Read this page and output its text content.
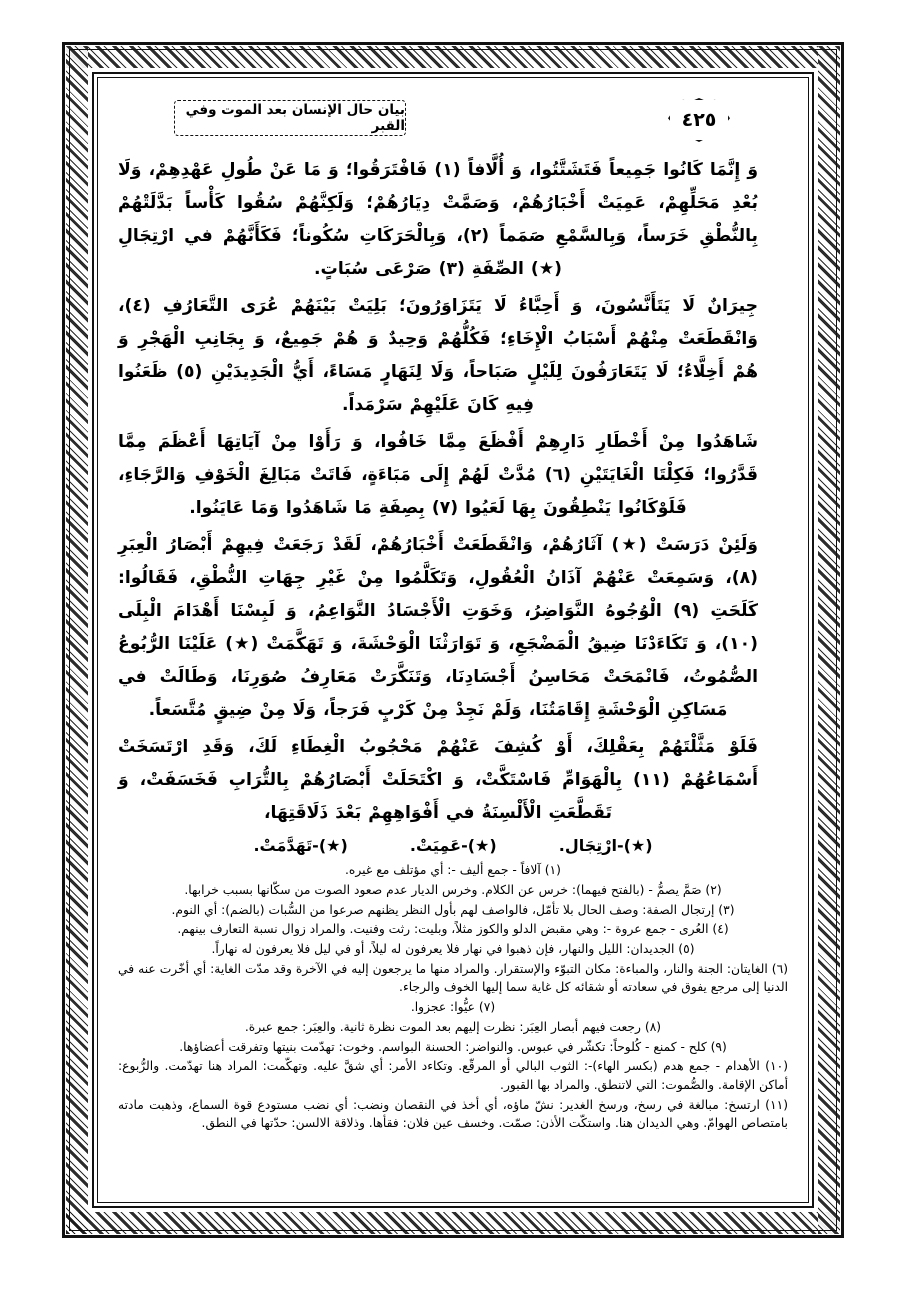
٤٢٥
بيان حال الإنسان بعد الموت وفي القبر

وَ إِنَّمَا كَانُوا جَمِيعاً فَتَشَتَّتُوا، وَ أُلَّافاً (١) فَافْتَرَقُوا؛ وَ مَا عَنْ طُولِ عَهْدِهِمْ، وَلَا بُعْدِ مَحَلِّهِمْ، عَمِيَتْ أَخْبَارُهُمْ، وَصَمَّتْ دِيَارُهُمْ؛ وَلَكِنَّهُمْ سُقُوا كَأْساً بَدَّلَتْهُمْ بِالنُّطْقِ خَرَساً، وَبِالسَّمْعِ صَمَماً (٢)، وَبِالْحَرَكَاتِ سُكُوناً؛ فَكَأَنَّهُمْ في ارْتِجَالِ (★) الصِّفَةِ (٣) صَرْعَى سُبَاتٍ.

جِيرَانٌ لَا يَتَأَنَّسُونَ، وَ أَحِبَّاءُ لَا يَتَزَاوَرُونَ؛ بَلِيَتْ بَيْنَهُمْ عُرَى التَّعَارُفِ (٤)، وَانْقَطَعَتْ مِنْهُمْ أَسْبَابُ الْإِخَاءِ؛ فَكُلُّهُمْ وَحِيدٌ وَ هُمْ جَمِيعٌ، وَ بِجَانِبِ الْهَجْرِ وَ هُمْ أَخِلَّاءُ؛ لَا يَتَعَارَفُونَ لِلَيْلٍ صَبَاحاً، وَلَا لِنَهَارٍ مَسَاءً، أَيُّ الْجَدِيدَيْنِ (٥) ظَعَنُوا فِيهِ كَانَ عَلَيْهِمْ سَرْمَداً.

شَاهَدُوا مِنْ أَخْطَارِ دَارِهِمْ أَفْظَعَ مِمَّا خَافُوا، وَ رَأَوْا مِنْ آيَاتِهَا أَعْظَمَ مِمَّا قَدَّرُوا؛ فَكِلْتَا الْغَايَتَيْنِ (٦) مُدَّتْ لَهُمْ إِلَى مَبَاءَةٍ، فَاتَتْ مَبَالِغَ الْخَوْفِ وَالرَّجَاءِ، فَلَوْكَانُوا يَنْطِقُونَ بِهَا لَعَيُوا (٧) بِصِفَةِ مَا شَاهَدُوا وَمَا عَايَنُوا.

وَلَئِنْ دَرَسَتْ (★) آثَارُهُمْ، وَانْقَطَعَتْ أَخْبَارُهُمْ، لَقَدْ رَجَعَتْ فِيهِمْ أَبْصَارُ الْعِبَرِ (٨)، وَسَمِعَتْ عَنْهُمْ آذَانُ الْعُقُولِ، وَتَكَلَّمُوا مِنْ غَيْرِ جِهَاتِ النُّطْقِ، فَقَالُوا: كَلَحَتِ (٩) الْوُجُوهُ النَّوَاضِرُ، وَخَوَتِ الْأَجْسَادُ النَّوَاعِمُ، وَ لَبِسْنَا أَهْدَامَ الْبِلَى (١٠)، وَ تَكَاءَدْنَا ضِيقُ الْمَضْجَعِ، وَ تَوَارَثْنَا الْوَحْشَةَ، وَ تَهَكَّمَتْ (★) عَلَيْنَا الرُّبُوعُ الصُّمُوتُ، فَانْمَحَتْ مَحَاسِنُ أَجْسَادِنَا، وَتَنَكَّرَتْ مَعَارِفُ صُوَرِنَا، وَطَالَتْ في مَسَاكِنِ الْوَحْشَةِ إِقَامَتُنَا، وَلَمْ نَجِدْ مِنْ كَرْبٍ فَرَجاً، وَلَا مِنْ ضِيقٍ مُتَّسَعاً.

فَلَوْ مَثَّلْتَهُمْ بِعَقْلِكَ، أَوْ كُشِفَ عَنْهُمْ مَحْجُوبُ الْغِطَاءِ لَكَ، وَقَدِ ارْتَسَخَتْ أَسْمَاعُهُمْ (١١) بِالْهَوَامِّ فَاسْتَكَّتْ، وَ اكْتَحَلَتْ أَبْصَارُهُمْ بِالتُّرَابِ فَخَسَفَتْ، وَ تَقَطَّعَتِ الْأَلْسِنَةُ في أَفْوَاهِهِمْ بَعْدَ ذَلَاقَتِهَا،

(★)-ارْتِجَال. (★)-عَمِيَتْ. (★)-تَهَدَّمَتْ.

(١) آلافاً - جمع أليف -: أي مؤتلف مع غيره.

(٢) صَمَّ يصمُّ - (بالفتح فيهما): خرس عن الكلام. وخرس الديار عدم صعود الصوت من سكّانها بسبب خرابها.

(٣) إرتجال الصفة: وصف الحال بلا تأمّل، فالواصف لهم بأول النظر يظنهم صرعوا من السُّبات (بالضم): أي النوم.

(٤) العُرى - جمع عروة -: وهي مقبض الدلو والكوز مثلاً، وبليت: رثت وفنيت. والمراد زوال نسبة التعارف بينهم.

(٥) الجديدان: الليل والنهار، فإن ذهبوا في نهار فلا يعرفون له ليلاً، أو في ليل فلا يعرفون له نهاراً.

(٦) الغايتان: الجنة والنار، والمباءة: مكان التبوّء والإستقرار. والمراد منها ما يرجعون إليه في الآخرة وقد مدّت الغاية: أي أخّرت عنه في الدنيا إلى مرجع يفوق في سعادته أو شقائه كل غاية سما إليها الخوف والرجاء.

(٧) عيُّوا: عجزوا.

(٨) رجعت فيهم أبصار العِبَر: نظرت إليهم بعد الموت نظرة ثانية. والعِبَر: جمع عبرة.

(٩) كلح - كمنع - كُلوحاً: تكشّر في عبوس. والنواضر: الحسنة البواسم. وخوت: تهدّمت بنيتها وتفرقت أعضاؤها.

(١٠) الأهدام - جمع هدم (بكسر الهاء)-: الثوب البالي أو المرقّع. وتكاءد الأمر: أي شقَّ عليه. وتهكّمت: المراد هنا تهدّمت. والرُّبوع: أماكن الإقامة. والصُّموت: التي لاتنطق. والمراد بها القبور.

(١١) ارتسخ: مبالغة في رسخ، ورسخ الغدير: نشّ ماؤه، أي أخذ في النقصان ونضب: أي نضب مستودع قوة السماع، وذهبت مادته بامتصاص الهوامّ. وهي الديدان هنا. واستكّت الأذن: صمّت. وخسف عين فلان: فقأها. وذلاقة الالسن: حدّتها في النطق.
